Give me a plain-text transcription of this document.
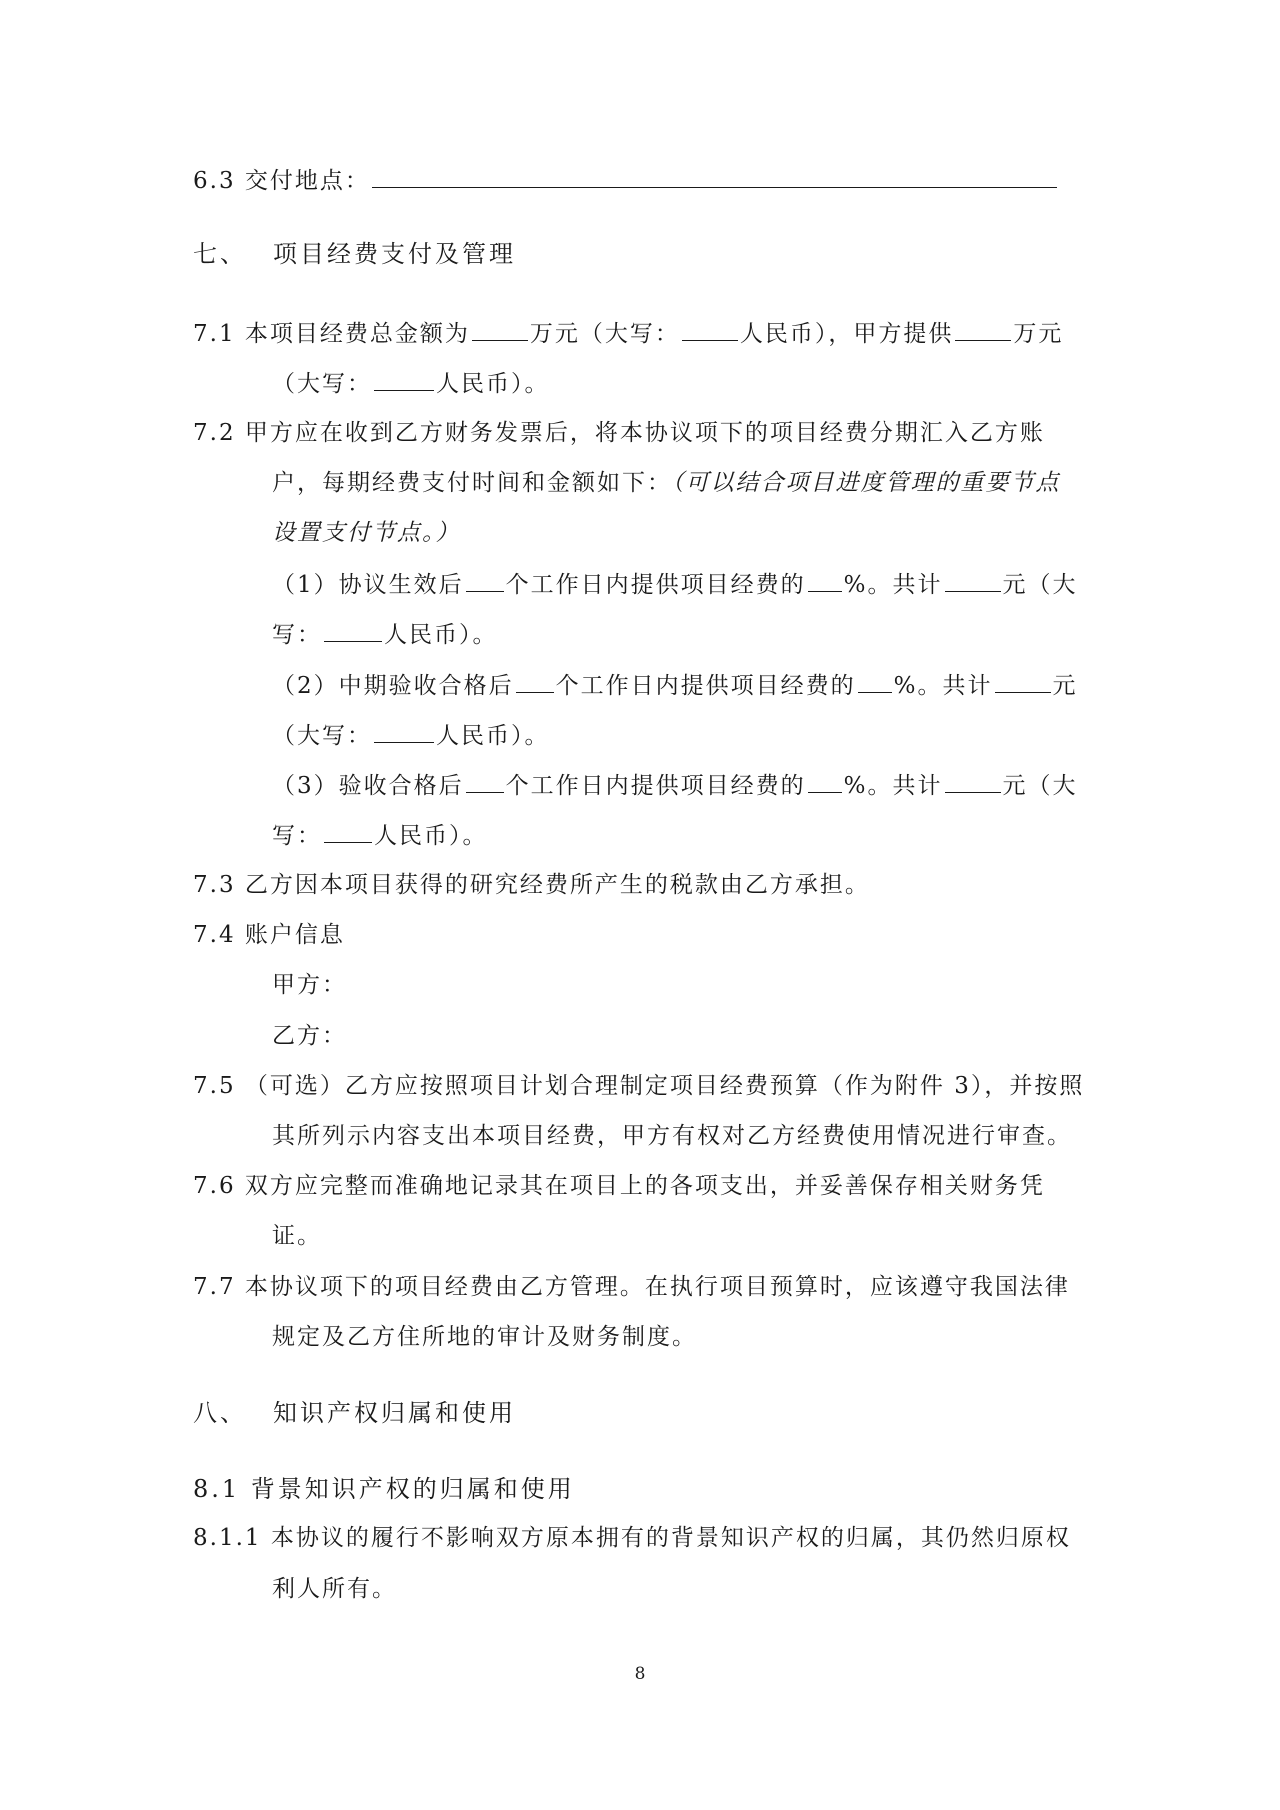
6.3 交付地点：
七、 项目经费支付及管理
7.1 本项目经费总金额为	万元（大写：	人民币），甲方提供	万元
（大写：	人民币）。
7.2 甲方应在收到乙方财务发票后，将本协议项下的项目经费分期汇入乙方账
户，每期经费支付时间和金额如下：（可以结合项目进度管理的重要节点
设置支付节点。）
（1）协议生效后 个工作日内提供项目经费的 %。共计	元（大
写：	人民币）。
（2）中期验收合格后 个工作日内提供项目经费的 %。共计	元
（大写：	人民币）。
（3）验收合格后 个工作日内提供项目经费的 %。共计	元（大
写： 人民币）。
7.3 乙方因本项目获得的研究经费所产生的税款由乙方承担。
7.4 账户信息
甲方：
乙方：
7.5 （可选）乙方应按照项目计划合理制定项目经费预算（作为附件 3），并按照
其所列示内容支出本项目经费，甲方有权对乙方经费使用情况进行审查。
7.6 双方应完整而准确地记录其在项目上的各项支出，并妥善保存相关财务凭
证。
7.7 本协议项下的项目经费由乙方管理。在执行项目预算时，应该遵守我国法律
规定及乙方住所地的审计及财务制度。
八、 知识产权归属和使用
8.1 背景知识产权的归属和使用
8.1.1 本协议的履行不影响双方原本拥有的背景知识产权的归属，其仍然归原权
利人所有。
8
